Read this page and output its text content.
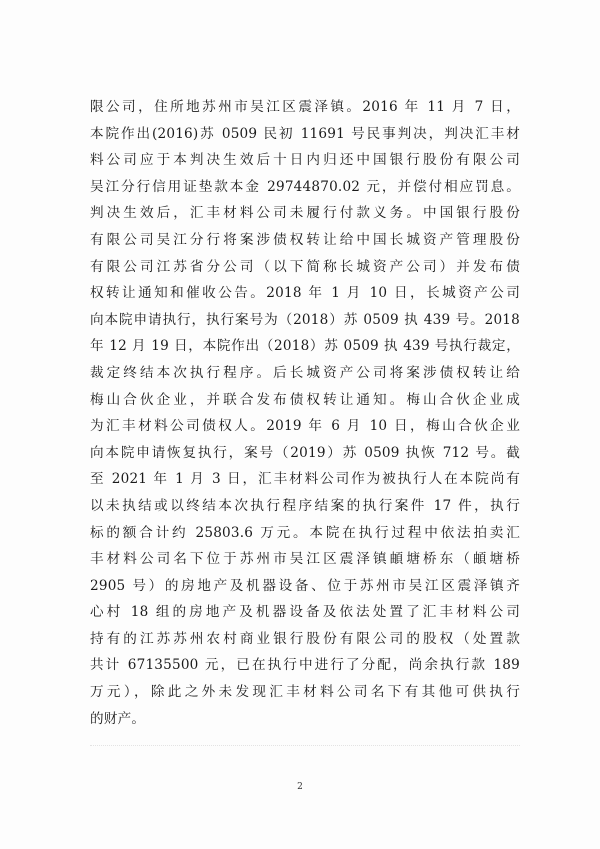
限公司，住所地苏州市吴江区震泽镇。2016 年 11 月 7 日，
本院作出(2016)苏 0509 民初 11691 号民事判决，判决汇丰材
料公司应于本判决生效后十日内归还中国银行股份有限公司
吴江分行信用证垫款本金 29744870.02 元，并偿付相应罚息。
判决生效后，汇丰材料公司未履行付款义务。中国银行股份
有限公司吴江分行将案涉债权转让给中国长城资产管理股份
有限公司江苏省分公司（以下简称长城资产公司）并发布债
权转让通知和催收公告。2018 年 1 月 10 日，长城资产公司
向本院申请执行，执行案号为（2018）苏 0509 执 439 号。2018
年 12 月 19 日，本院作出（2018）苏 0509 执 439 号执行裁定，
裁定终结本次执行程序。后长城资产公司将案涉债权转让给
梅山合伙企业，并联合发布债权转让通知。梅山合伙企业成
为汇丰材料公司债权人。2019 年 6 月 10 日，梅山合伙企业
向本院申请恢复执行，案号（2019）苏 0509 执恢 712 号。截
至 2021 年 1 月 3 日，汇丰材料公司作为被执行人在本院尚有
以未执结或以终结本次执行程序结案的执行案件 17 件，执行
标的额合计约 25803.6 万元。本院在执行过程中依法拍卖汇
丰材料公司名下位于苏州市吴江区震泽镇頔塘桥东（頔塘桥
2905 号）的房地产及机器设备、位于苏州市吴江区震泽镇齐
心村 18 组的房地产及机器设备及依法处置了汇丰材料公司
持有的江苏苏州农村商业银行股份有限公司的股权（处置款
共计 67135500 元，已在执行中进行了分配，尚余执行款 189
万元），除此之外未发现汇丰材料公司名下有其他可供执行
的财产。
2
